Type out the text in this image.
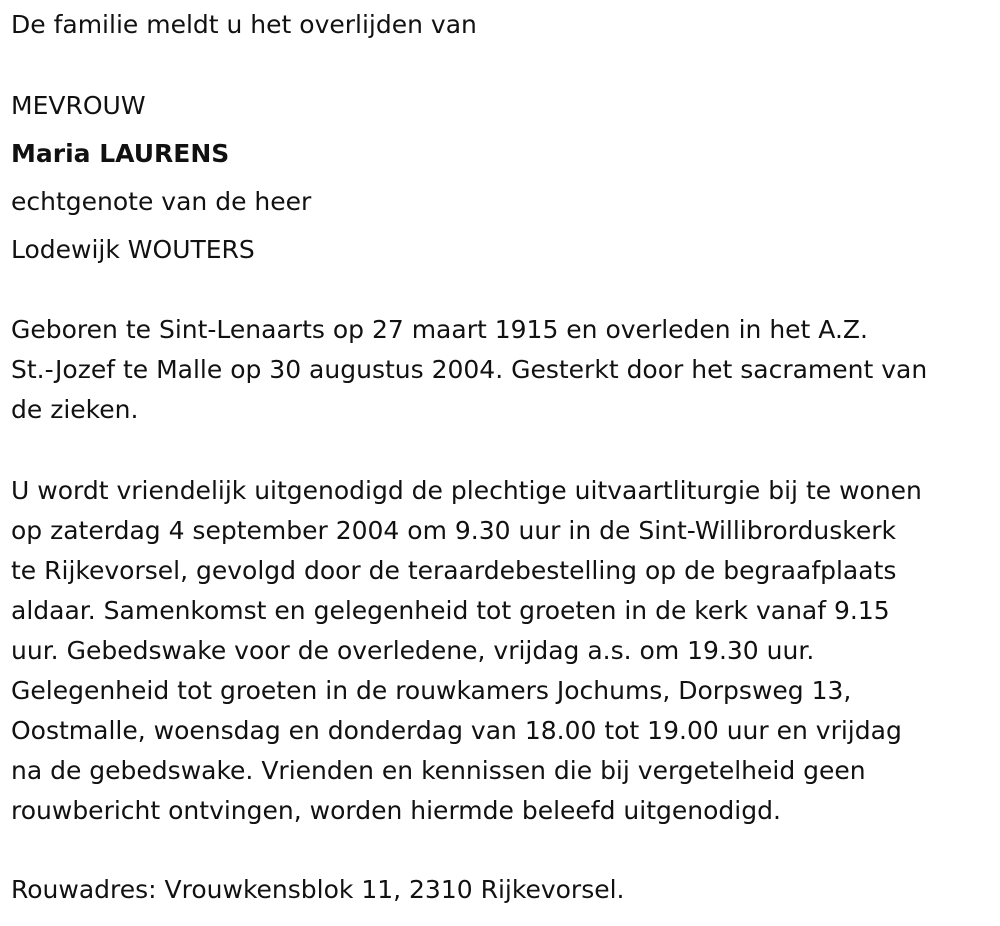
De familie meldt u het overlijden van
MEVROUW
Maria LAURENS
echtgenote van de heer
Lodewijk WOUTERS
Geboren te Sint-Lenaarts op 27 maart 1915 en overleden in het A.Z.
St.-Jozef te Malle op 30 augustus 2004. Gesterkt door het sacrament van
de zieken.
U wordt vriendelijk uitgenodigd de plechtige uitvaartliturgie bij te wonen
op zaterdag 4 september 2004 om 9.30 uur in de Sint-Willibrorduskerk
te Rijkevorsel, gevolgd door de teraardebestelling op de begraafplaats
aldaar. Samenkomst en gelegenheid tot groeten in de kerk vanaf 9.15
uur. Gebedswake voor de overledene, vrijdag a.s. om 19.30 uur.
Gelegenheid tot groeten in de rouwkamers Jochums, Dorpsweg 13,
Oostmalle, woensdag en donderdag van 18.00 tot 19.00 uur en vrijdag
na de gebedswake. Vrienden en kennissen die bij vergetelheid geen
rouwbericht ontvingen, worden hiermde beleefd uitgenodigd.
Rouwadres: Vrouwkensblok 11, 2310 Rijkevorsel.
